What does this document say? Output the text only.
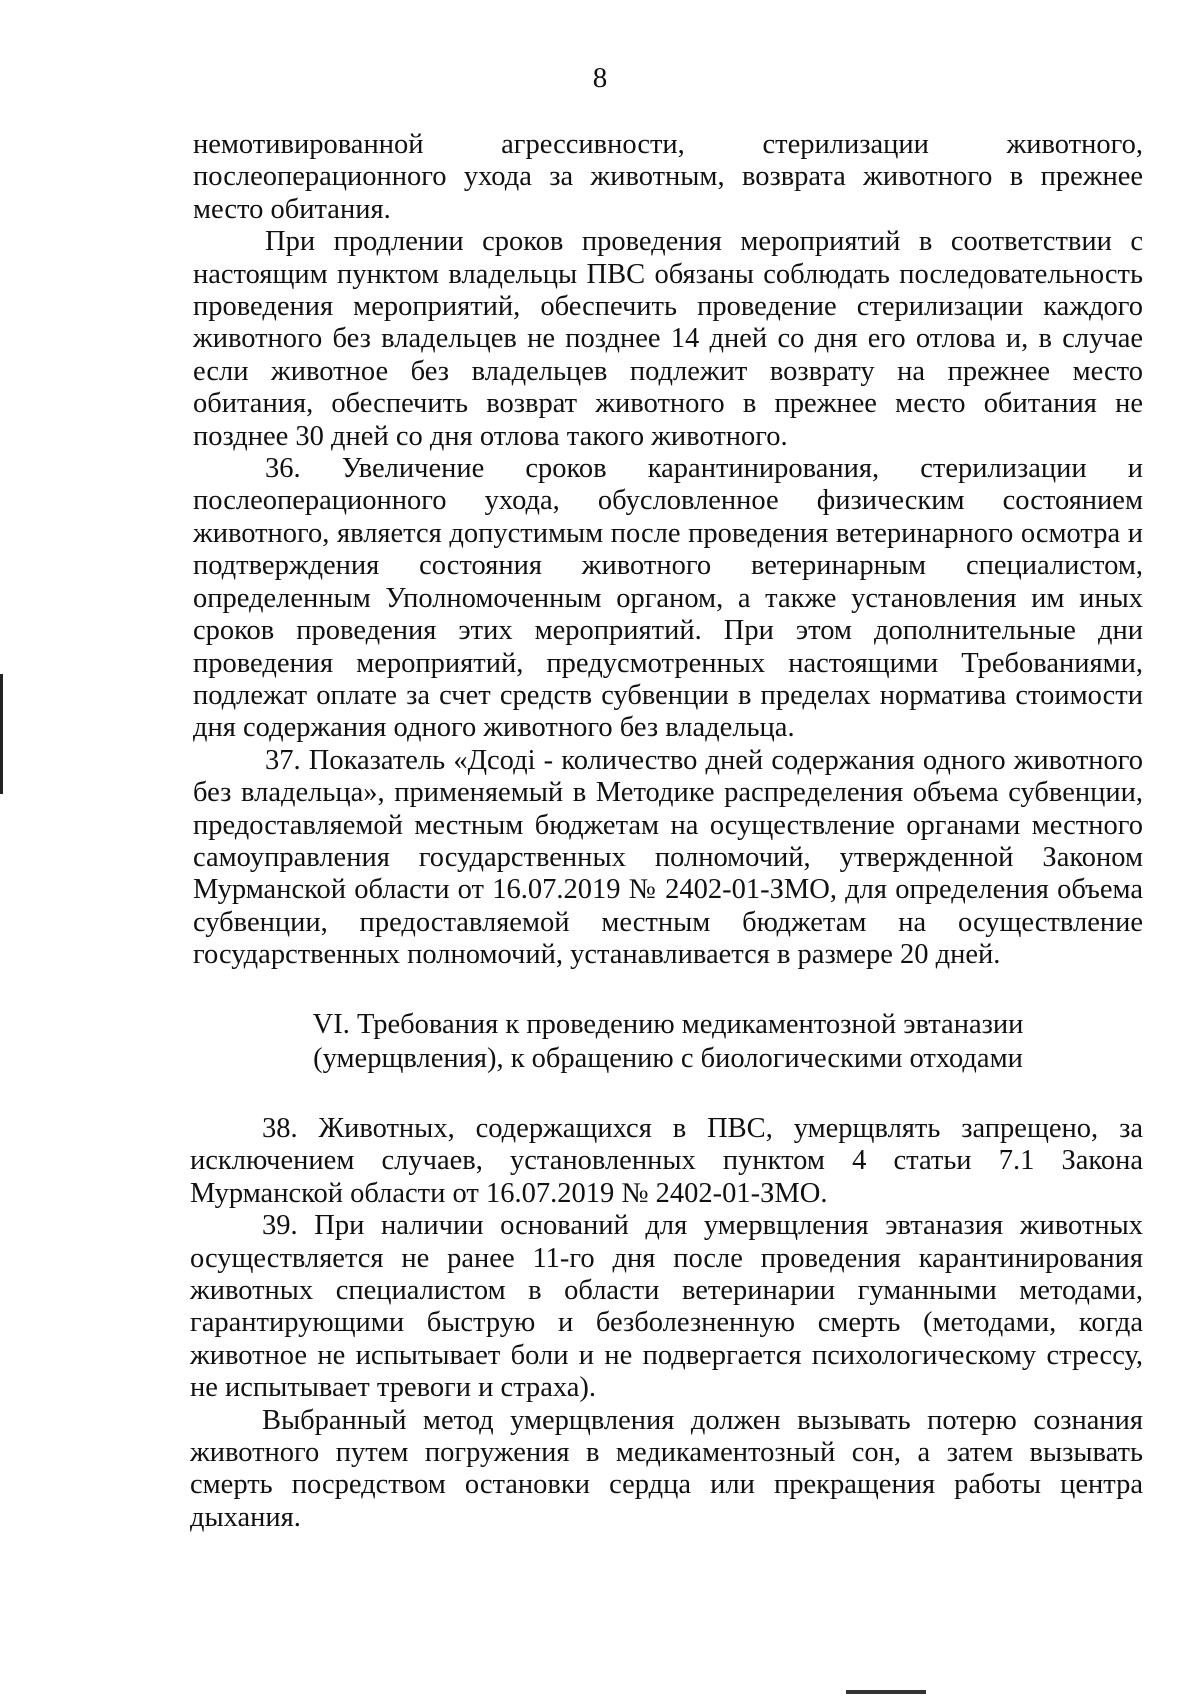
8

немотивированной агрессивности, стерилизации животного, послеоперационного ухода за животным, возврата животного в прежнее место обитания.

При продлении сроков проведения мероприятий в соответствии с настоящим пунктом владельцы ПВС обязаны соблюдать последовательность проведения мероприятий, обеспечить проведение стерилизации каждого животного без владельцев не позднее 14 дней со дня его отлова и, в случае если животное без владельцев подлежит возврату на прежнее место обитания, обеспечить возврат животного в прежнее место обитания не позднее 30 дней со дня отлова такого животного.

36. Увеличение сроков карантинирования, стерилизации и послеоперационного ухода, обусловленное физическим состоянием животного, является допустимым после проведения ветеринарного осмотра и подтверждения состояния животного ветеринарным специалистом, определенным Уполномоченным органом, а также установления им иных сроков проведения этих мероприятий. При этом дополнительные дни проведения мероприятий, предусмотренных настоящими Требованиями, подлежат оплате за счет средств субвенции в пределах норматива стоимости дня содержания одного животного без владельца.

37. Показатель «Дсоді - количество дней содержания одного животного без владельца», применяемый в Методике распределения объема субвенции, предоставляемой местным бюджетам на осуществление органами местного самоуправления государственных полномочий, утвержденной Законом Мурманской области от 16.07.2019 № 2402-01-ЗМО, для определения объема субвенции, предоставляемой местным бюджетам на осуществление государственных полномочий, устанавливается в размере 20 дней.

VI. Требования к проведению медикаментозной эвтаназии
(умерщвления), к обращению с биологическими отходами

38. Животных, содержащихся в ПВС, умерщвлять запрещено, за исключением случаев, установленных пунктом 4 статьи 7.1 Закона Мурманской области от 16.07.2019 № 2402-01-ЗМО.

39. При наличии оснований для умервщления эвтаназия животных осуществляется не ранее 11-го дня после проведения карантинирования животных специалистом в области ветеринарии гуманными методами, гарантирующими быструю и безболезненную смерть (методами, когда животное не испытывает боли и не подвергается психологическому стрессу, не испытывает тревоги и страха).

Выбранный метод умерщвления должен вызывать потерю сознания животного путем погружения в медикаментозный сон, а затем вызывать смерть посредством остановки сердца или прекращения работы центра дыхания.
